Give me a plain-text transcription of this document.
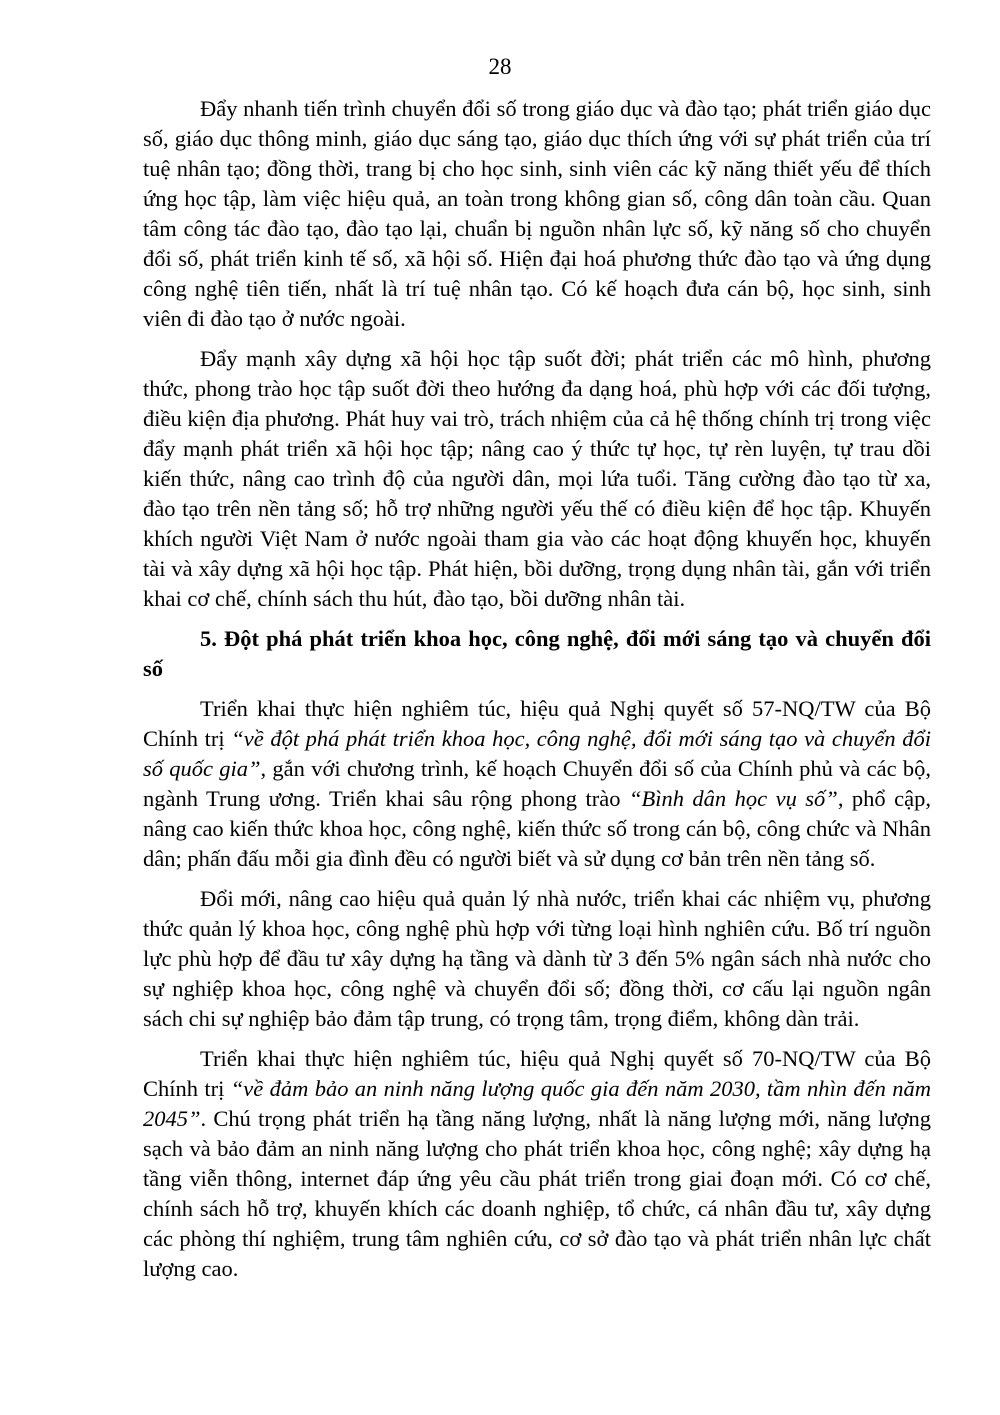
28

Đẩy nhanh tiến trình chuyển đổi số trong giáo dục và đào tạo; phát triển giáo dục số, giáo dục thông minh, giáo dục sáng tạo, giáo dục thích ứng với sự phát triển của trí tuệ nhân tạo; đồng thời, trang bị cho học sinh, sinh viên các kỹ năng thiết yếu để thích ứng học tập, làm việc hiệu quả, an toàn trong không gian số, công dân toàn cầu. Quan tâm công tác đào tạo, đào tạo lại, chuẩn bị nguồn nhân lực số, kỹ năng số cho chuyển đổi số, phát triển kinh tế số, xã hội số. Hiện đại hoá phương thức đào tạo và ứng dụng công nghệ tiên tiến, nhất là trí tuệ nhân tạo. Có kế hoạch đưa cán bộ, học sinh, sinh viên đi đào tạo ở nước ngoài.

Đẩy mạnh xây dựng xã hội học tập suốt đời; phát triển các mô hình, phương thức, phong trào học tập suốt đời theo hướng đa dạng hoá, phù hợp với các đối tượng, điều kiện địa phương. Phát huy vai trò, trách nhiệm của cả hệ thống chính trị trong việc đẩy mạnh phát triển xã hội học tập; nâng cao ý thức tự học, tự rèn luyện, tự trau dồi kiến thức, nâng cao trình độ của người dân, mọi lứa tuổi. Tăng cường đào tạo từ xa, đào tạo trên nền tảng số; hỗ trợ những người yếu thế có điều kiện để học tập. Khuyến khích người Việt Nam ở nước ngoài tham gia vào các hoạt động khuyến học, khuyến tài và xây dựng xã hội học tập. Phát hiện, bồi dưỡng, trọng dụng nhân tài, gắn với triển khai cơ chế, chính sách thu hút, đào tạo, bồi dưỡng nhân tài.

5. Đột phá phát triển khoa học, công nghệ, đổi mới sáng tạo và chuyển đổi số

Triển khai thực hiện nghiêm túc, hiệu quả Nghị quyết số 57-NQ/TW của Bộ Chính trị “về đột phá phát triển khoa học, công nghệ, đổi mới sáng tạo và chuyển đổi số quốc gia”, gắn với chương trình, kế hoạch Chuyển đổi số của Chính phủ và các bộ, ngành Trung ương. Triển khai sâu rộng phong trào “Bình dân học vụ số”, phổ cập, nâng cao kiến thức khoa học, công nghệ, kiến thức số trong cán bộ, công chức và Nhân dân; phấn đấu mỗi gia đình đều có người biết và sử dụng cơ bản trên nền tảng số.

Đổi mới, nâng cao hiệu quả quản lý nhà nước, triển khai các nhiệm vụ, phương thức quản lý khoa học, công nghệ phù hợp với từng loại hình nghiên cứu. Bố trí nguồn lực phù hợp để đầu tư xây dựng hạ tầng và dành từ 3 đến 5% ngân sách nhà nước cho sự nghiệp khoa học, công nghệ và chuyển đổi số; đồng thời, cơ cấu lại nguồn ngân sách chi sự nghiệp bảo đảm tập trung, có trọng tâm, trọng điểm, không dàn trải.

Triển khai thực hiện nghiêm túc, hiệu quả Nghị quyết số 70-NQ/TW của Bộ Chính trị “về đảm bảo an ninh năng lượng quốc gia đến năm 2030, tầm nhìn đến năm 2045”. Chú trọng phát triển hạ tầng năng lượng, nhất là năng lượng mới, năng lượng sạch và bảo đảm an ninh năng lượng cho phát triển khoa học, công nghệ; xây dựng hạ tầng viễn thông, internet đáp ứng yêu cầu phát triển trong giai đoạn mới. Có cơ chế, chính sách hỗ trợ, khuyến khích các doanh nghiệp, tổ chức, cá nhân đầu tư, xây dựng các phòng thí nghiệm, trung tâm nghiên cứu, cơ sở đào tạo và phát triển nhân lực chất lượng cao.
